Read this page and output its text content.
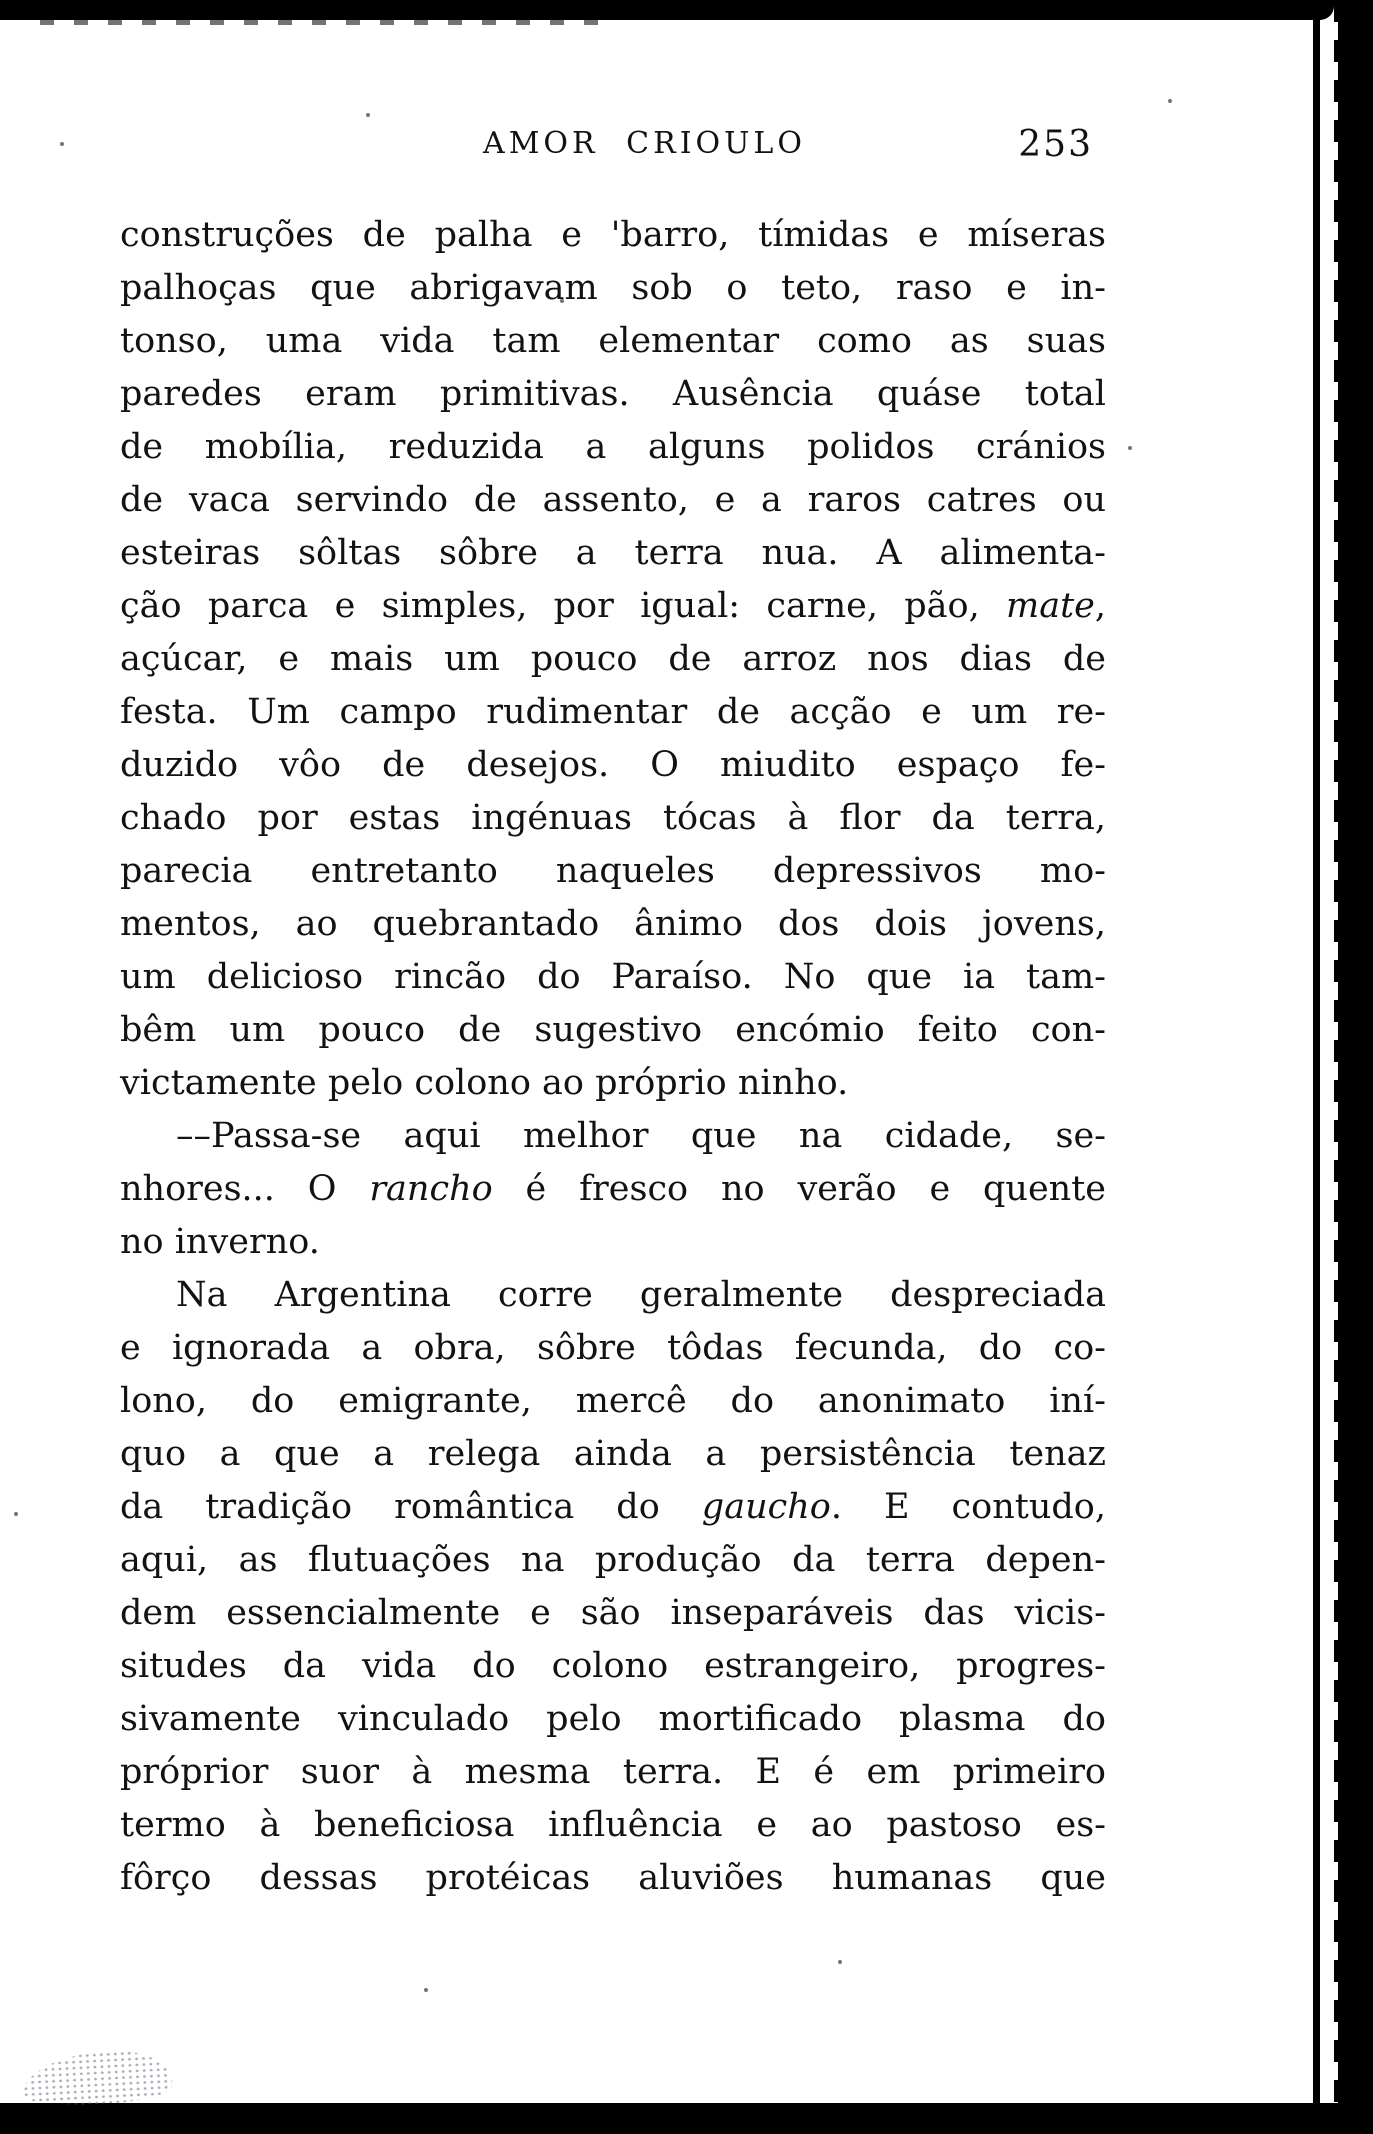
AMOR CRIOULO	253
construções de palha e 'barro, tímidas e míseras
palhoças que abrigavam sob o teto, raso e in-
tonso, uma vida tam elementar como as suas
paredes eram primitivas. Ausência quáse total
de mobília, reduzida a alguns polidos cránios
de vaca servindo de assento, e a raros catres ou
esteiras sôltas sôbre a terra nua. A alimenta-
ção parca e simples, por igual: carne, pão, mate,
açúcar, e mais um pouco de arroz nos dias de
festa. Um campo rudimentar de acção e um re-
duzido vôo de desejos. O miudito espaço fe-
chado por estas ingénuas tócas à flor da terra,
parecia entretanto naqueles depressivos mo-
mentos, ao quebrantado ânimo dos dois jovens,
um delicioso rincão do Paraíso. No que ia tam-
bêm um pouco de sugestivo encómio feito con-
victamente pelo colono ao próprio ninho.
––Passa-se aqui melhor que na cidade, se-
nhores... O rancho é fresco no verão e quente
no inverno.
Na Argentina corre geralmente despreciada
e ignorada a obra, sôbre tôdas fecunda, do co-
lono, do emigrante, mercê do anonimato iní-
quo a que a relega ainda a persistência tenaz
da tradição romântica do gaucho. E contudo,
aqui, as flutuações na produção da terra depen-
dem essencialmente e são inseparáveis das vicis-
situdes da vida do colono estrangeiro, progres-
sivamente vinculado pelo mortificado plasma do
próprior suor à mesma terra. E é em primeiro
termo à beneficiosa influência e ao pastoso es-
fôrço dessas protéicas aluviões humanas que
